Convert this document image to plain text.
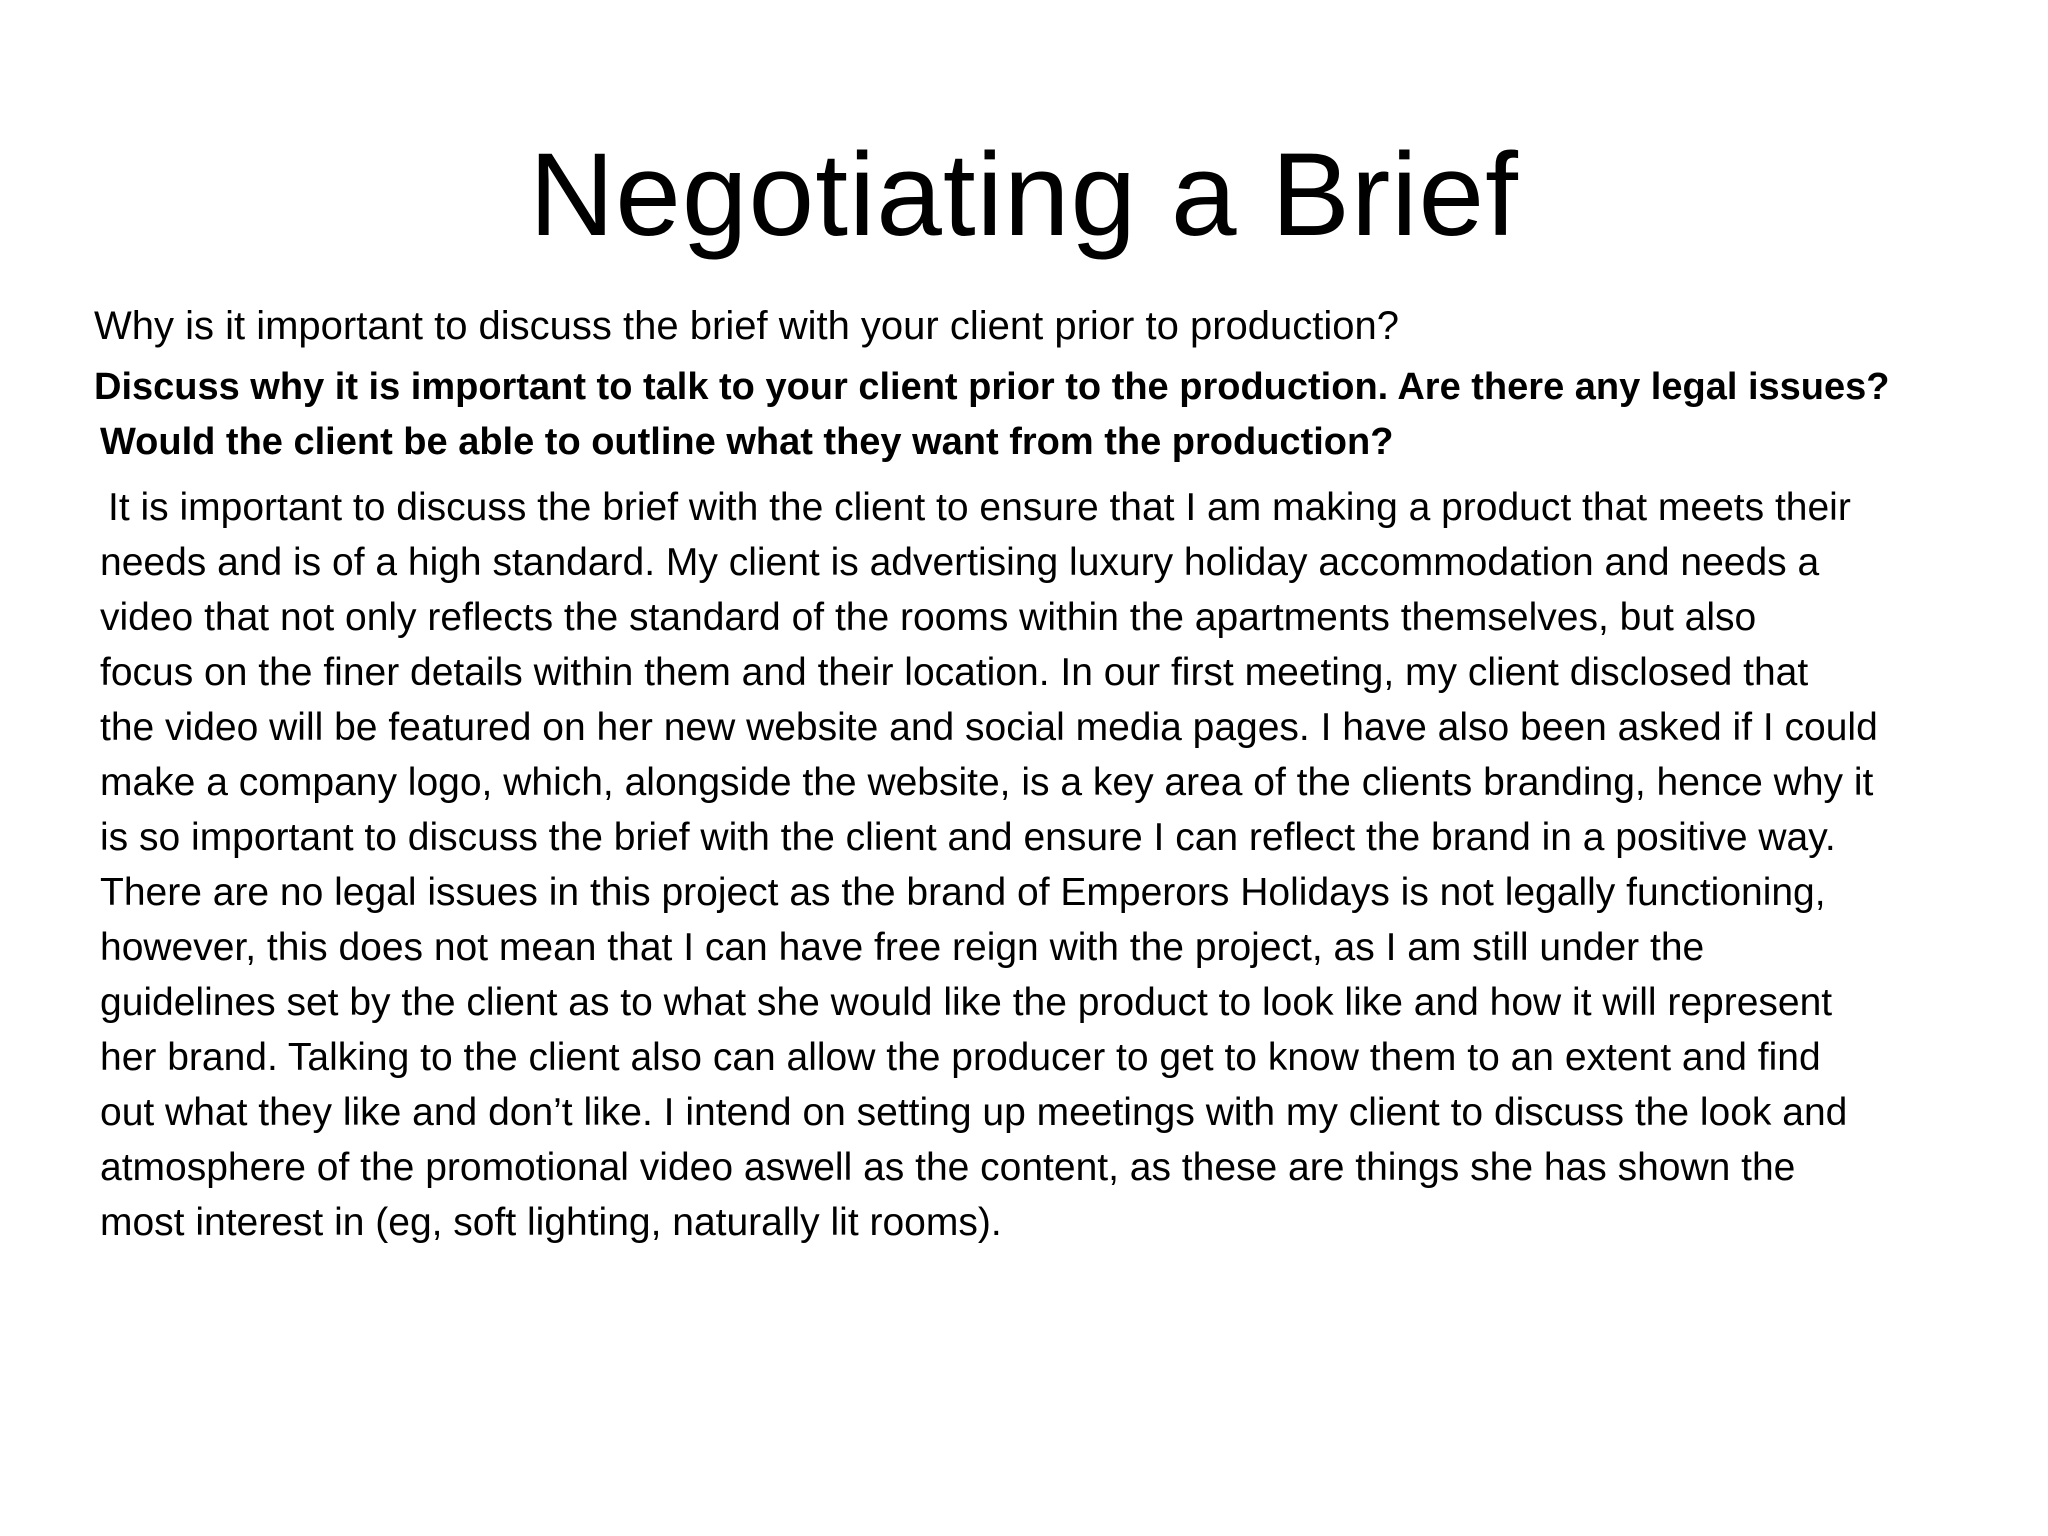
Negotiating a Brief

Why is it important to discuss the brief with your client prior to production?

Discuss why it is important to talk to your client prior to the production. Are there any legal issues?
Would the client be able to outline what they want from the production?

It is important to discuss the brief with the client to ensure that I am making a product that meets their
needs and is of a high standard. My client is advertising luxury holiday accommodation and needs a
video that not only reflects the standard of the rooms within the apartments themselves, but also
focus on the finer details within them and their location. In our first meeting, my client disclosed that
the video will be featured on her new website and social media pages. I have also been asked if I could
make a company logo, which, alongside the website, is a key area of the clients branding, hence why it
is so important to discuss the brief with the client and ensure I can reflect the brand in a positive way.
There are no legal issues in this project as the brand of Emperors Holidays is not legally functioning,
however, this does not mean that I can have free reign with the project, as I am still under the
guidelines set by the client as to what she would like the product to look like and how it will represent
her brand. Talking to the client also can allow the producer to get to know them to an extent and find
out what they like and don’t like. I intend on setting up meetings with my client to discuss the look and
atmosphere of the promotional video aswell as the content, as these are things she has shown the
most interest in (eg, soft lighting, naturally lit rooms).
